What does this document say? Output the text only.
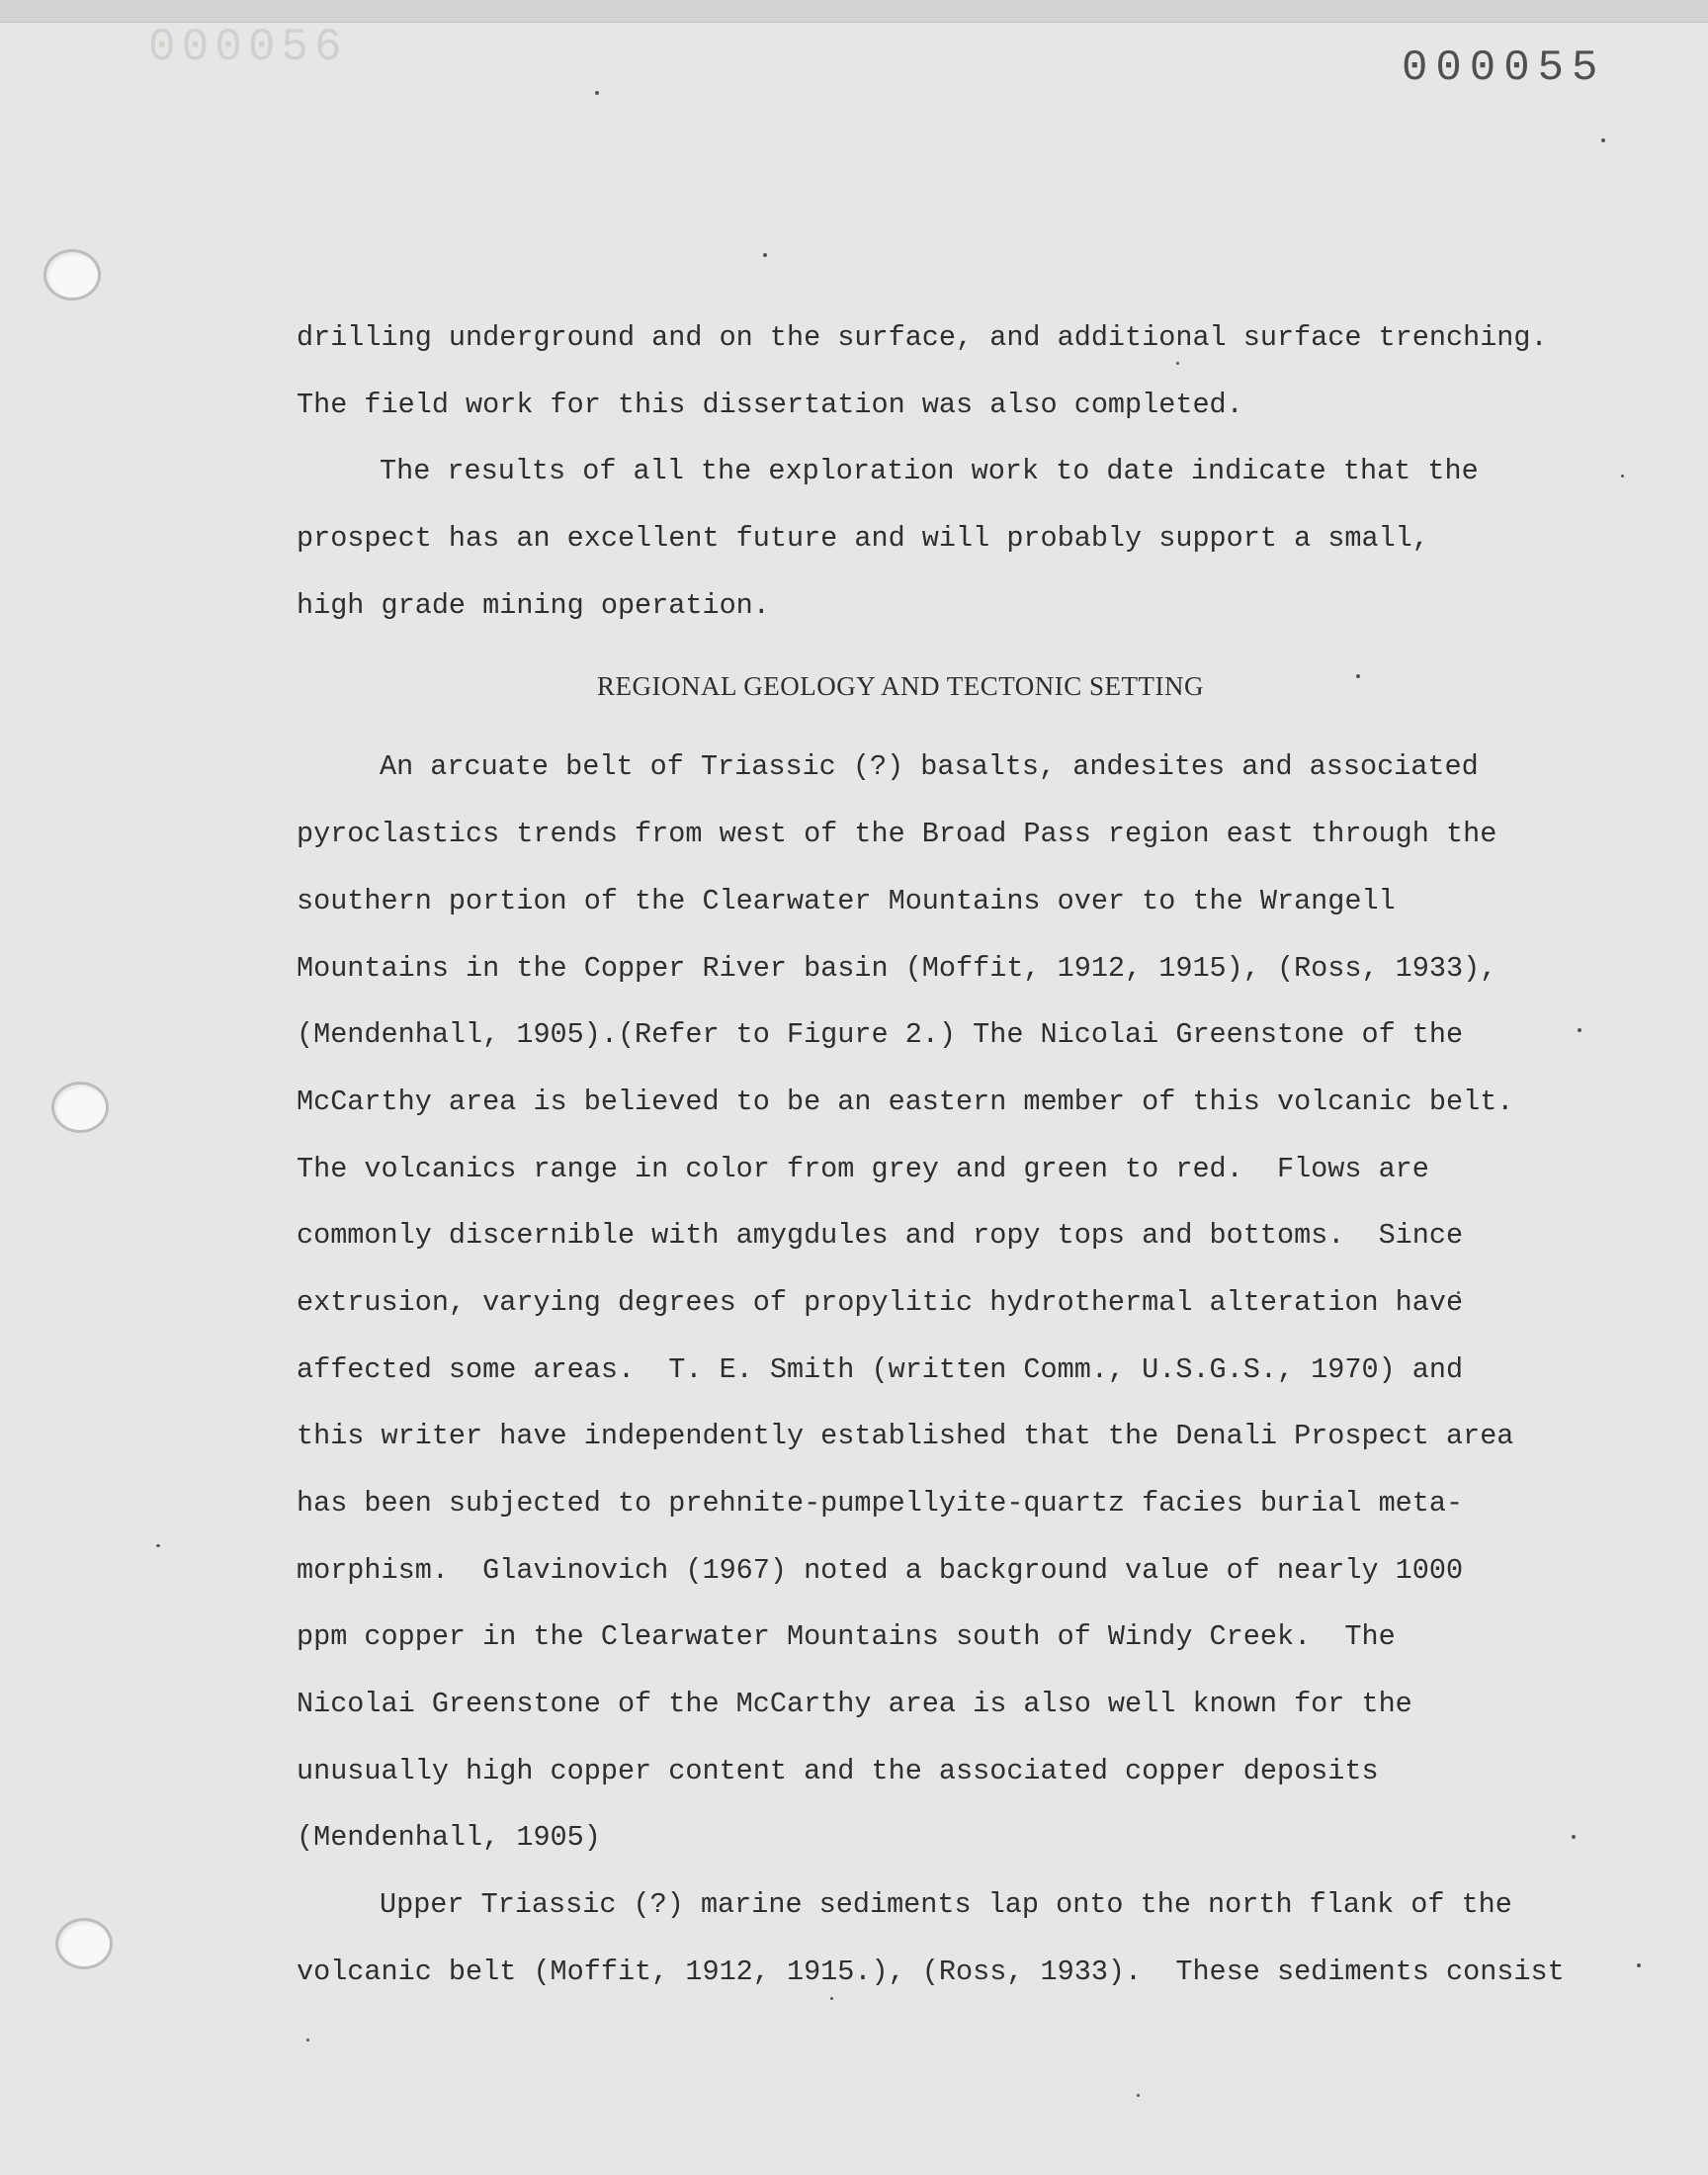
000056	000055
drilling underground and on the surface, and additional surface trenching.
The field work for this dissertation was also completed.
The results of all the exploration work to date indicate that the
prospect has an excellent future and will probably support a small,
high grade mining operation.
REGIONAL GEOLOGY AND TECTONIC SETTING
An arcuate belt of Triassic (?) basalts, andesites and associated
pyroclastics trends from west of the Broad Pass region east through the
southern portion of the Clearwater Mountains over to the Wrangell
Mountains in the Copper River basin (Moffit, 1912, 1915), (Ross, 1933),
(Mendenhall, 1905).(Refer to Figure 2.) The Nicolai Greenstone of the
McCarthy area is believed to be an eastern member of this volcanic belt.
The volcanics range in color from grey and green to red.  Flows are
commonly discernible with amygdules and ropy tops and bottoms.  Since
extrusion, varying degrees of propylitic hydrothermal alteration have
affected some areas.  T. E. Smith (written Comm., U.S.G.S., 1970) and
this writer have independently established that the Denali Prospect area
has been subjected to prehnite-pumpellyite-quartz facies burial meta-
morphism.  Glavinovich (1967) noted a background value of nearly 1000
ppm copper in the Clearwater Mountains south of Windy Creek.  The
Nicolai Greenstone of the McCarthy area is also well known for the
unusually high copper content and the associated copper deposits
(Mendenhall, 1905)
Upper Triassic (?) marine sediments lap onto the north flank of the
volcanic belt (Moffit, 1912, 1915.), (Ross, 1933).  These sediments consist
